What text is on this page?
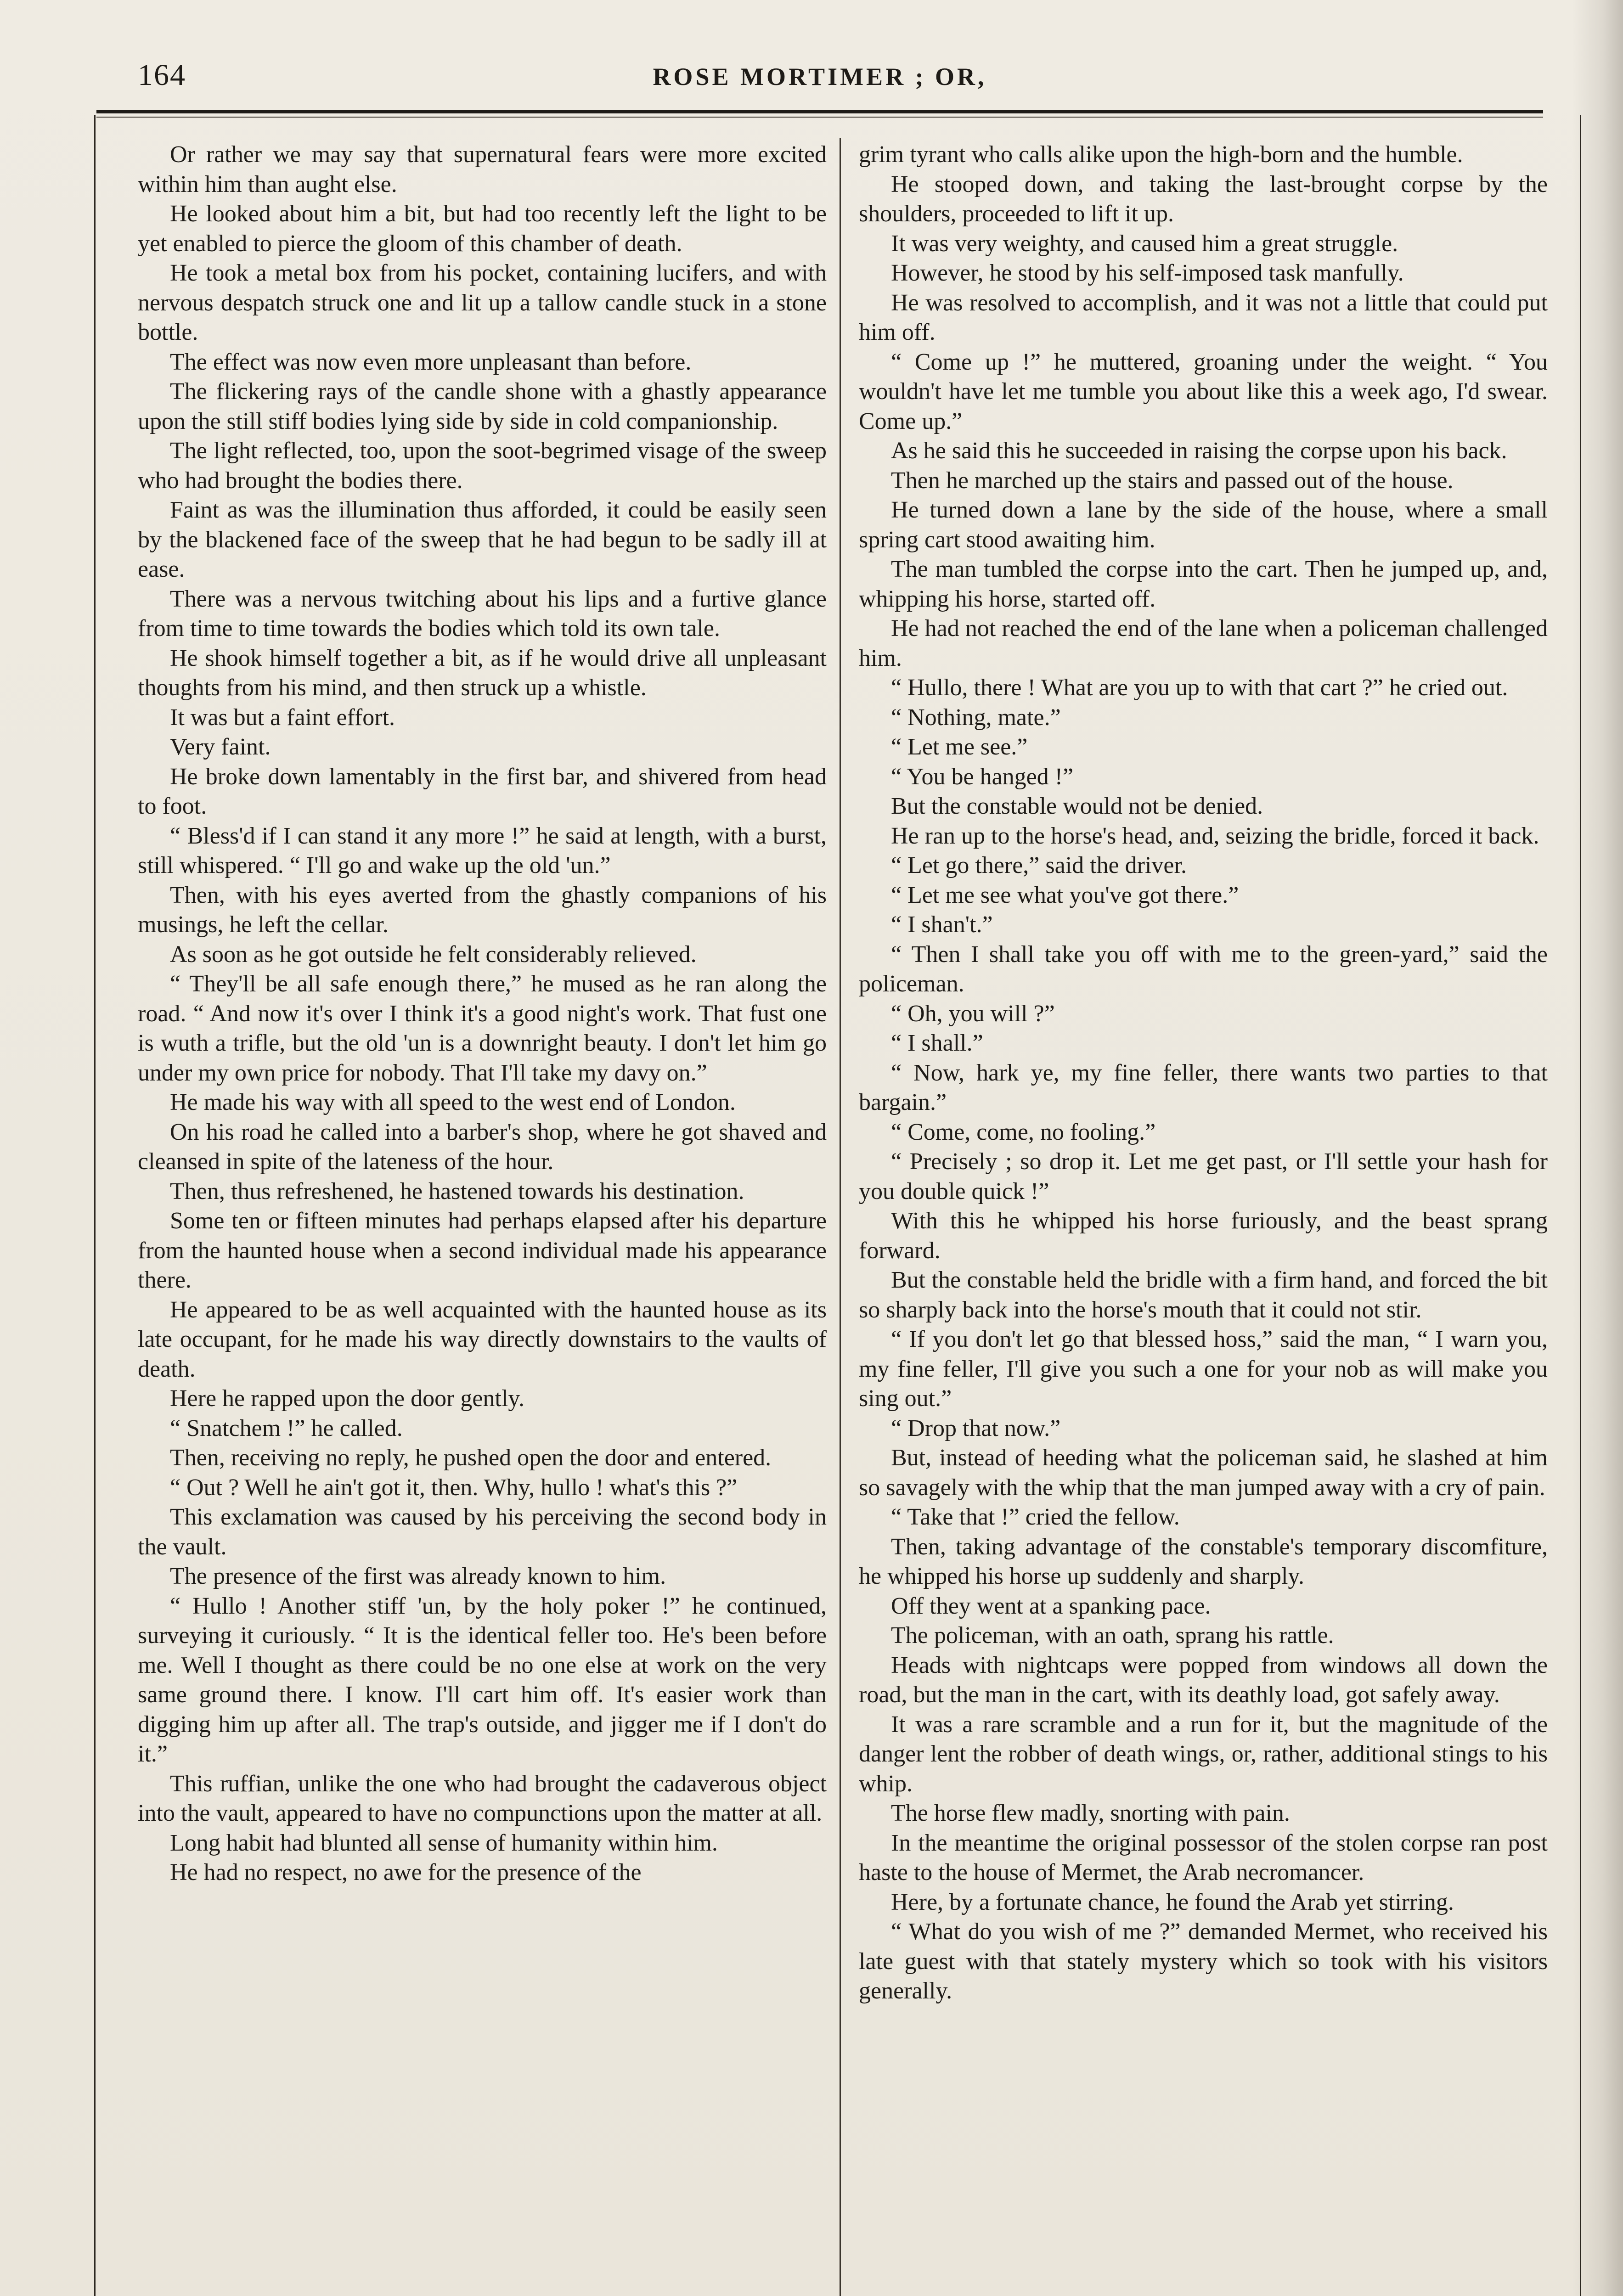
164	ROSE MORTIMER ; OR,

Or rather we may say that supernatural fears were more excited within him than aught else.

He looked about him a bit, but had too recently left the light to be yet enabled to pierce the gloom of this chamber of death.

He took a metal box from his pocket, containing lucifers, and with nervous despatch struck one and lit up a tallow candle stuck in a stone bottle.

The effect was now even more unpleasant than before.

The flickering rays of the candle shone with a ghastly appearance upon the still stiff bodies lying side by side in cold companionship.

The light reflected, too, upon the soot-begrimed visage of the sweep who had brought the bodies there.

Faint as was the illumination thus afforded, it could be easily seen by the blackened face of the sweep that he had begun to be sadly ill at ease.

There was a nervous twitching about his lips and a furtive glance from time to time towards the bodies which told its own tale.

He shook himself together a bit, as if he would drive all unpleasant thoughts from his mind, and then struck up a whistle.

It was but a faint effort.

Very faint.

He broke down lamentably in the first bar, and shivered from head to foot.

“ Bless'd if I can stand it any more !” he said at length, with a burst, still whispered. “ I'll go and wake up the old 'un.”

Then, with his eyes averted from the ghastly companions of his musings, he left the cellar.

As soon as he got outside he felt considerably relieved.

“ They'll be all safe enough there,” he mused as he ran along the road. “ And now it's over I think it's a good night's work. That fust one is wuth a trifle, but the old 'un is a downright beauty. I don't let him go under my own price for nobody. That I'll take my davy on.”

He made his way with all speed to the west end of London.

On his road he called into a barber's shop, where he got shaved and cleansed in spite of the lateness of the hour.

Then, thus refreshened, he hastened towards his destination.

Some ten or fifteen minutes had perhaps elapsed after his departure from the haunted house when a second individual made his appearance there.

He appeared to be as well acquainted with the haunted house as its late occupant, for he made his way directly downstairs to the vaults of death.

Here he rapped upon the door gently.

“ Snatchem !” he called.

Then, receiving no reply, he pushed open the door and entered.

“ Out ? Well he ain't got it, then. Why, hullo ! what's this ?”

This exclamation was caused by his perceiving the second body in the vault.

The presence of the first was already known to him.

“ Hullo ! Another stiff 'un, by the holy poker !” he continued, surveying it curiously. “ It is the identical feller too. He's been before me. Well I thought as there could be no one else at work on the very same ground there. I know. I'll cart him off. It's easier work than digging him up after all. The trap's outside, and jigger me if I don't do it.”

This ruffian, unlike the one who had brought the cadaverous object into the vault, appeared to have no compunctions upon the matter at all.

Long habit had blunted all sense of humanity within him.

He had no respect, no awe for the presence of the

grim tyrant who calls alike upon the high-born and the humble.

He stooped down, and taking the last-brought corpse by the shoulders, proceeded to lift it up.

It was very weighty, and caused him a great struggle.

However, he stood by his self-imposed task manfully.

He was resolved to accomplish, and it was not a little that could put him off.

“ Come up !” he muttered, groaning under the weight. “ You wouldn't have let me tumble you about like this a week ago, I'd swear. Come up.”

As he said this he succeeded in raising the corpse upon his back.

Then he marched up the stairs and passed out of the house.

He turned down a lane by the side of the house, where a small spring cart stood awaiting him.

The man tumbled the corpse into the cart. Then he jumped up, and, whipping his horse, started off.

He had not reached the end of the lane when a policeman challenged him.

“ Hullo, there ! What are you up to with that cart ?” he cried out.

“ Nothing, mate.”

“ Let me see.”

“ You be hanged !”

But the constable would not be denied.

He ran up to the horse's head, and, seizing the bridle, forced it back.

“ Let go there,” said the driver.

“ Let me see what you've got there.”

“ I shan't.”

“ Then I shall take you off with me to the green-yard,” said the policeman.

“ Oh, you will ?”

“ I shall.”

“ Now, hark ye, my fine feller, there wants two parties to that bargain.”

“ Come, come, no fooling.”

“ Precisely ; so drop it. Let me get past, or I'll settle your hash for you double quick !”

With this he whipped his horse furiously, and the beast sprang forward.

But the constable held the bridle with a firm hand, and forced the bit so sharply back into the horse's mouth that it could not stir.

“ If you don't let go that blessed hoss,” said the man, “ I warn you, my fine feller, I'll give you such a one for your nob as will make you sing out.”

“ Drop that now.”

But, instead of heeding what the policeman said, he slashed at him so savagely with the whip that the man jumped away with a cry of pain.

“ Take that !” cried the fellow.

Then, taking advantage of the constable's temporary discomfiture, he whipped his horse up suddenly and sharply.

Off they went at a spanking pace.

The policeman, with an oath, sprang his rattle.

Heads with nightcaps were popped from windows all down the road, but the man in the cart, with its deathly load, got safely away.

It was a rare scramble and a run for it, but the magnitude of the danger lent the robber of death wings, or, rather, additional stings to his whip.

The horse flew madly, snorting with pain.

In the meantime the original possessor of the stolen corpse ran post haste to the house of Mermet, the Arab necromancer.

Here, by a fortunate chance, he found the Arab yet stirring.

“ What do you wish of me ?” demanded Mermet, who received his late guest with that stately mystery which so took with his visitors generally.
